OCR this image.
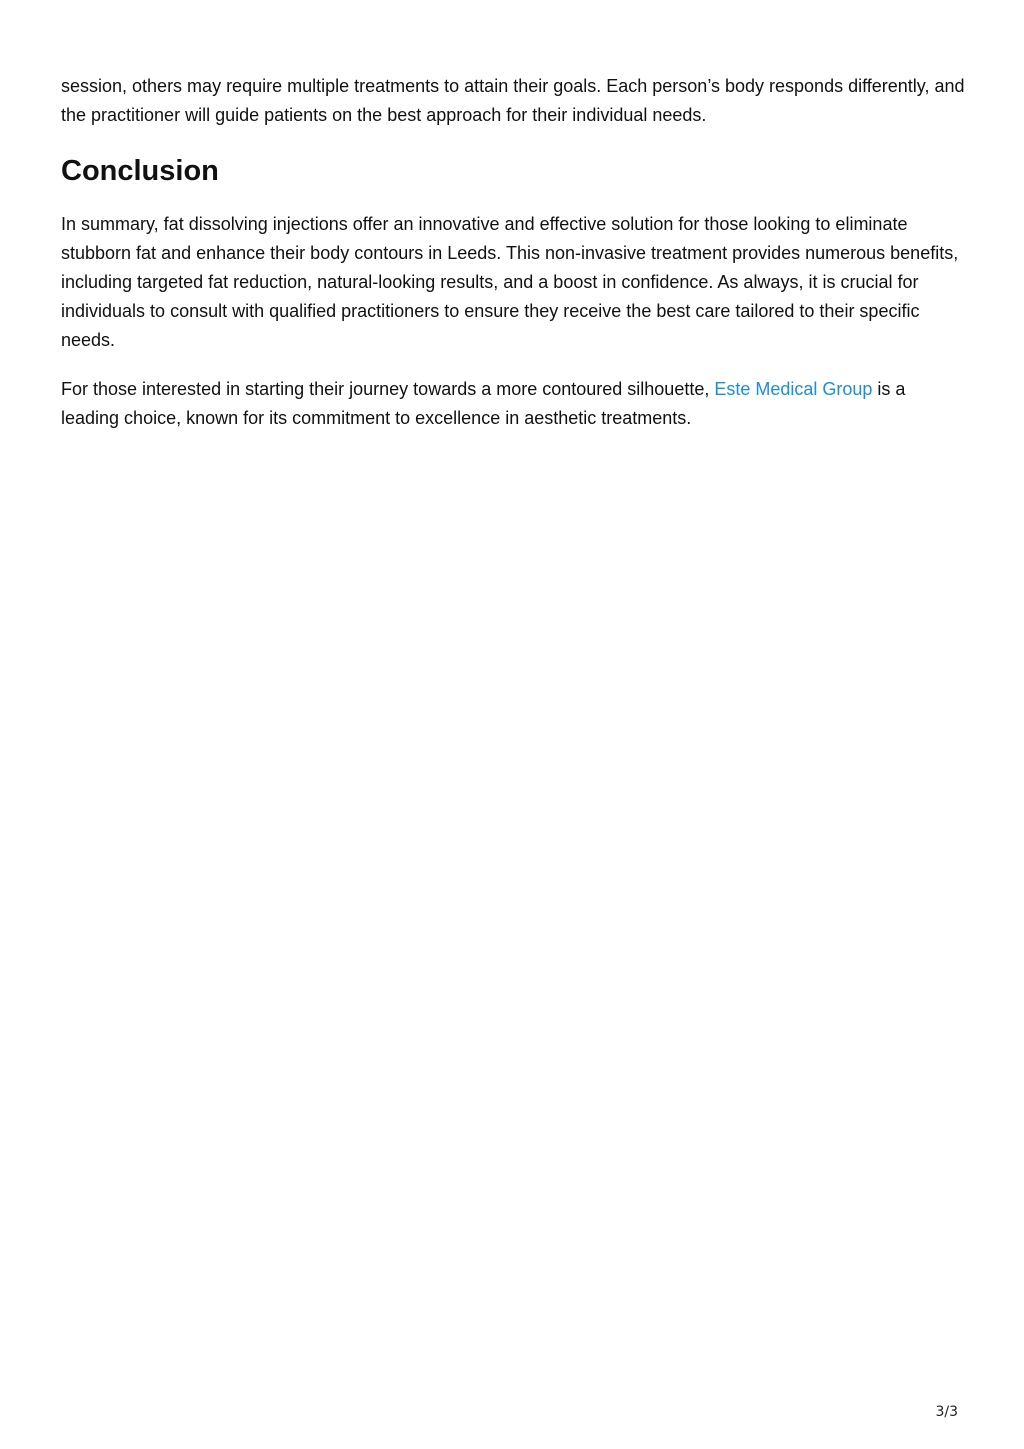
session, others may require multiple treatments to attain their goals. Each person’s body responds differently, and the practitioner will guide patients on the best approach for their individual needs.

Conclusion

In summary, fat dissolving injections offer an innovative and effective solution for those looking to eliminate stubborn fat and enhance their body contours in Leeds. This non-invasive treatment provides numerous benefits, including targeted fat reduction, natural-looking results, and a boost in confidence. As always, it is crucial for individuals to consult with qualified practitioners to ensure they receive the best care tailored to their specific needs.

For those interested in starting their journey towards a more contoured silhouette, Este Medical Group is a leading choice, known for its commitment to excellence in aesthetic treatments.

3/3
